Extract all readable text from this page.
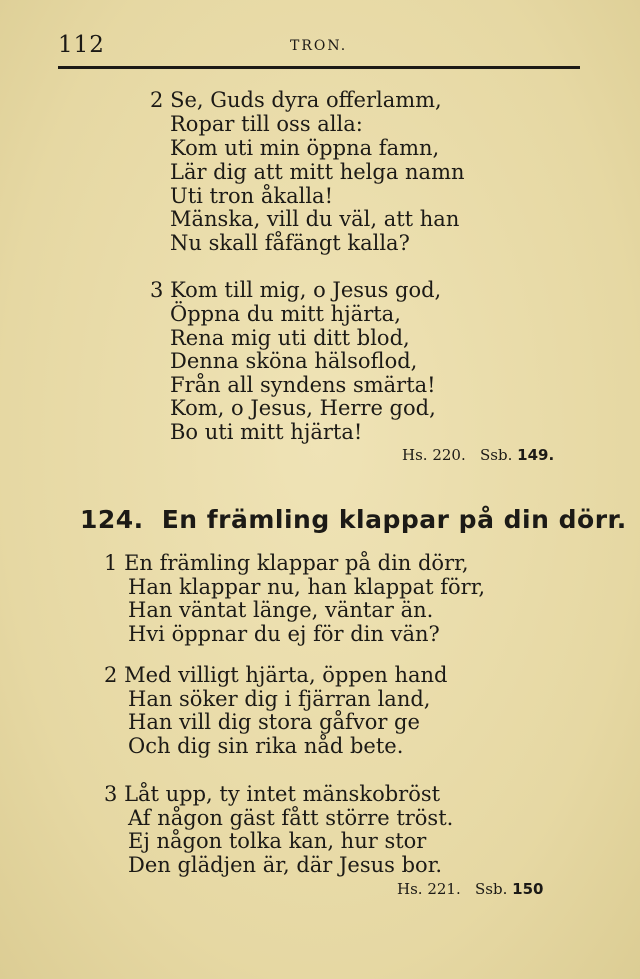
112	TRON.
2 Se, Guds dyra offerlamm,
Ropar till oss alla:
Kom uti min öppna famn,
Lär dig att mitt helga namn
Uti tron åkalla!
Mänska, vill du väl, att han
Nu skall fåfängt kalla?
3 Kom till mig, o Jesus god,
Öppna du mitt hjärta,
Rena mig uti ditt blod,
Denna sköna hälsoflod,
Från all syndens smärta!
Kom, o Jesus, Herre god,
Bo uti mitt hjärta!
Hs. 220. Ssb. 149.
124. En främling klappar på din dörr.
1 En främling klappar på din dörr,
Han klappar nu, han klappat förr,
Han väntat länge, väntar än.
Hvi öppnar du ej för din vän?
2 Med villigt hjärta, öppen hand
Han söker dig i fjärran land,
Han vill dig stora gåfvor ge
Och dig sin rika nåd bete.
3 Låt upp, ty intet mänskobröst
Af någon gäst fått större tröst.
Ej någon tolka kan, hur stor
Den glädjen är, där Jesus bor.
Hs. 221. Ssb. 150
